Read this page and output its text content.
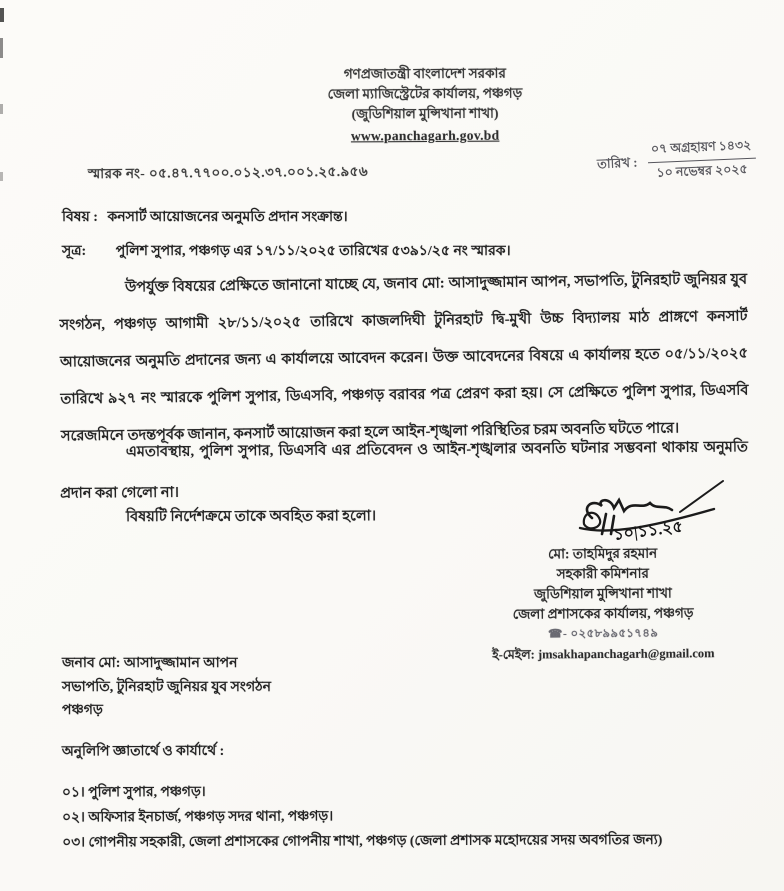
গণপ্রজাতন্ত্রী বাংলাদেশ সরকার
জেলা ম্যাজিস্ট্রেটের কার্যালয়, পঞ্চগড়
(জুডিশিয়াল মুন্সিখানা শাখা)
www.panchagarh.gov.bd
স্মারক নং- ০৫.৪৭.৭৭০০.০১২.৩৭.০০১.২৫.৯৫৬
তারিখ : $\frac{\text{০৭ অগ্রহায়ণ ১৪৩২}}{\text{১০ নভেম্বর ২০২৫}}$
বিষয় : কনসার্ট আয়োজনের অনুমতি প্রদান সংক্রান্ত।
সূত্র: পুলিশ সুপার, পঞ্চগড় এর ১৭/১১/২০২৫ তারিখের ৫৩৯১/২৫ নং স্মারক।
উপর্যুক্ত বিষয়ের প্রেক্ষিতে জানানো যাচ্ছে যে, জনাব মো: আসাদুজ্জামান আপন, সভাপতি, টুনিরহাট জুনিয়র যুব সংগঠন, পঞ্চগড় আগামী ২৮/১১/২০২৫ তারিখে কাজলদিঘী টুনিরহাট দ্বি-মুখী উচ্চ বিদ্যালয় মাঠ প্রাঙ্গণে কনসার্ট আয়োজনের অনুমতি প্রদানের জন্য এ কার্যালয়ে আবেদন করেন। উক্ত আবেদনের বিষয়ে এ কার্যালয় হতে ০৫/১১/২০২৫ তারিখে ৯২৭ নং স্মারকে পুলিশ সুপার, ডিএসবি, পঞ্চগড় বরাবর পত্র প্রেরণ করা হয়। সে প্রেক্ষিতে পুলিশ সুপার, ডিএসবি সরেজমিনে তদন্তপূর্বক জানান, কনসার্ট আয়োজন করা হলে আইন-শৃঙ্খলা পরিস্থিতির চরম অবনতি ঘটতে পারে।
এমতাবস্থায়, পুলিশ সুপার, ডিএসবি এর প্রতিবেদন ও আইন-শৃঙ্খলার অবনতি ঘটনার সম্ভবনা থাকায় অনুমতি প্রদান করা গেলো না।
বিষয়টি নির্দেশক্রমে তাকে অবহিত করা হলো।
১০|১১.২৫
মো: তাহমিদুর রহমান
সহকারী কমিশনার
জুডিশিয়াল মুন্সিখানা শাখা
জেলা প্রশাসকের কার্যালয়, পঞ্চগড়
☎- ০২৫৮৯৯৫১৭৪৯
ই-মেইল: jmsakhapanchagarh@gmail.com
জনাব মো: আসাদুজ্জামান আপন
সভাপতি, টুনিরহাট জুনিয়র যুব সংগঠন
পঞ্চগড়
অনুলিপি জ্ঞাতার্থে ও কার্যার্থে :
০১। পুলিশ সুপার, পঞ্চগড়।
০২। অফিসার ইনচার্জ, পঞ্চগড় সদর থানা, পঞ্চগড়।
০৩। গোপনীয় সহকারী, জেলা প্রশাসকের গোপনীয় শাখা, পঞ্চগড় (জেলা প্রশাসক মহোদয়ের সদয় অবগতির জন্য)
